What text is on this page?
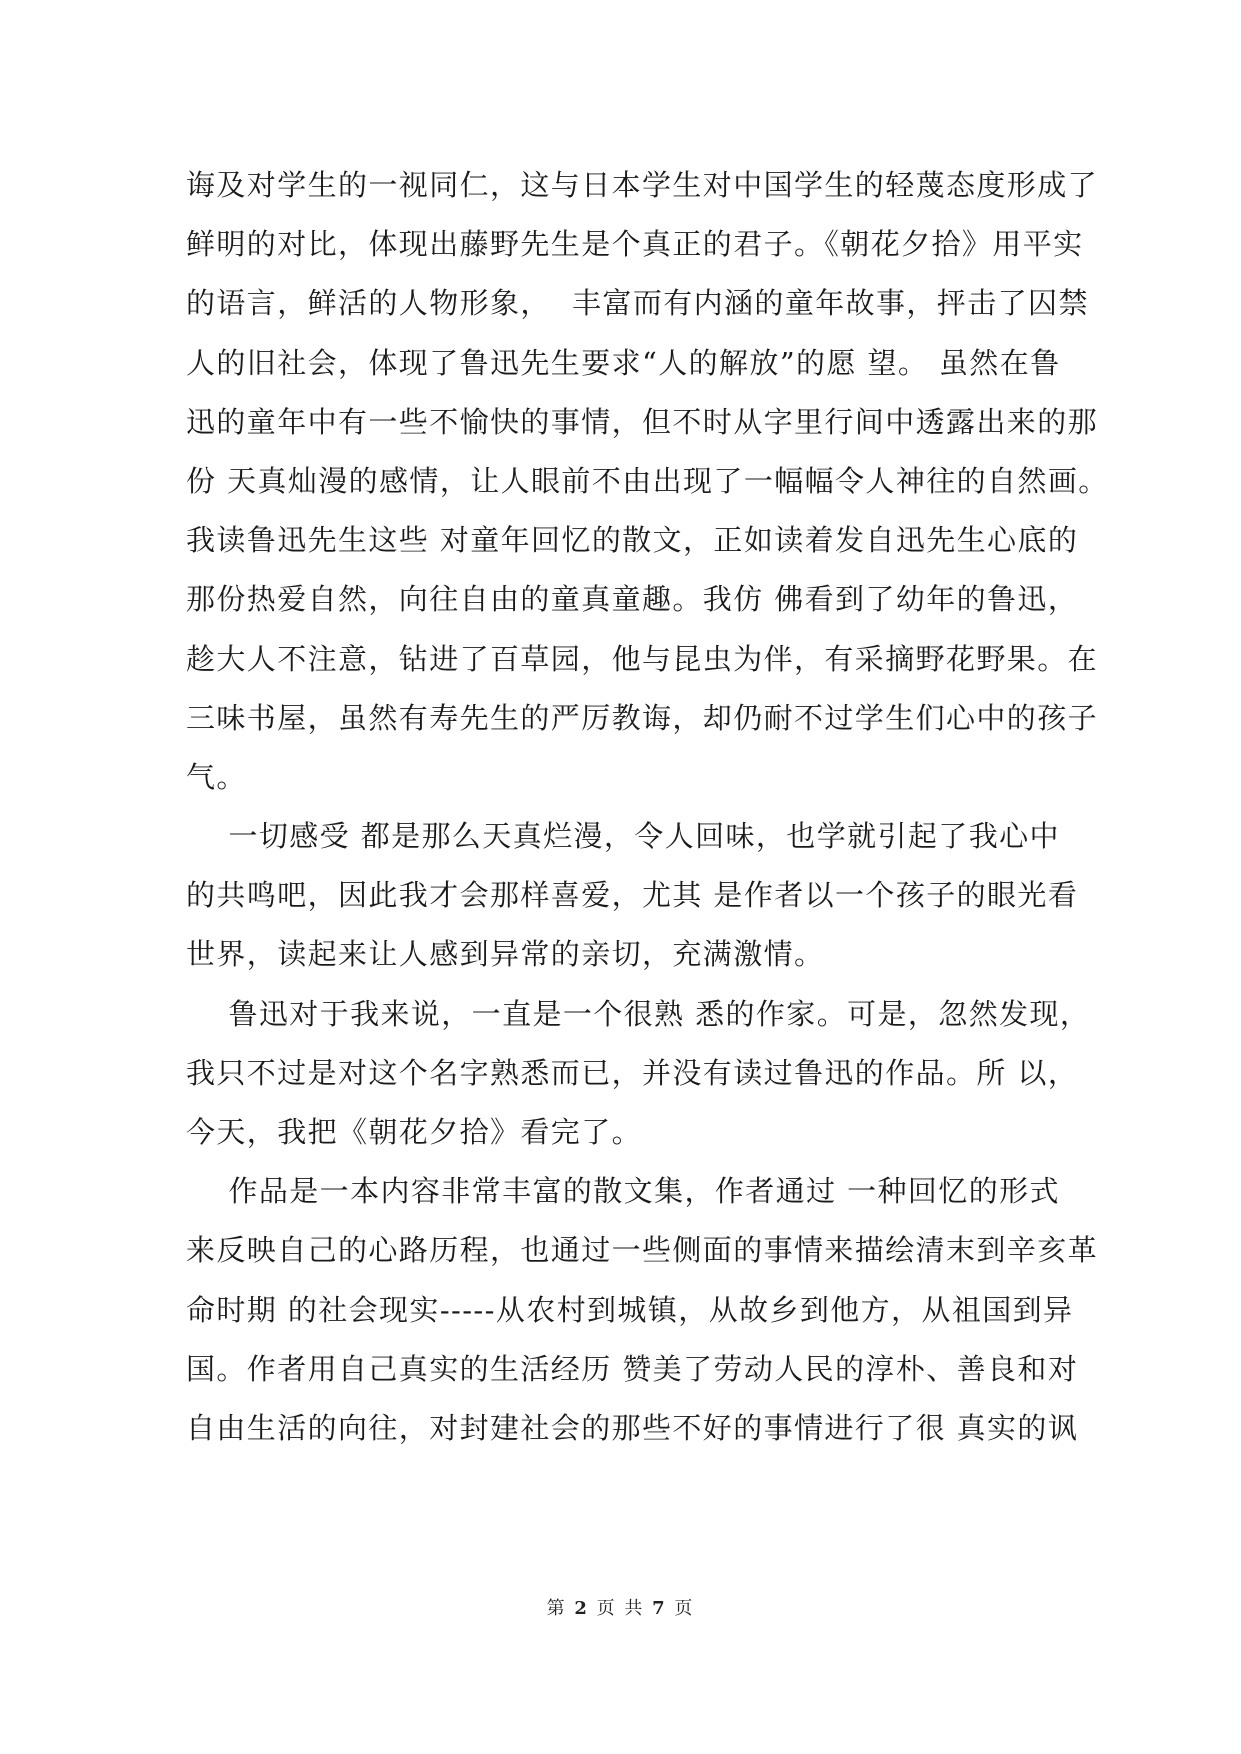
诲及对学生的一视同仁，这与日本学生对中国学生的轻蔑态度形成了
鲜明的对比，体现出藤野先生是个真正的君子。《朝花夕拾》用平实
的语言，鲜活的人物形象，  丰富而有内涵的童年故事，抨击了囚禁
人的旧社会，体现了鲁迅先生要求“人的解放”的愿 望。 虽然在鲁
迅的童年中有一些不愉快的事情，但不时从字里行间中透露出来的那
份 天真灿漫的感情，让人眼前不由出现了一幅幅令人神往的自然画。
我读鲁迅先生这些 对童年回忆的散文，正如读着发自迅先生心底的
那份热爱自然，向往自由的童真童趣。我仿 佛看到了幼年的鲁迅，
趁大人不注意，钻进了百草园，他与昆虫为伴，有采摘野花野果。在
三味书屋，虽然有寿先生的严厉教诲，却仍耐不过学生们心中的孩子
气。
一切感受 都是那么天真烂漫，令人回味，也学就引起了我心中
的共鸣吧，因此我才会那样喜爱，尤其 是作者以一个孩子的眼光看
世界，读起来让人感到异常的亲切，充满激情。
鲁迅对于我来说，一直是一个很熟 悉的作家。可是，忽然发现，
我只不过是对这个名字熟悉而已，并没有读过鲁迅的作品。所 以，
今天，我把《朝花夕拾》看完了。
作品是一本内容非常丰富的散文集，作者通过 一种回忆的形式
来反映自己的心路历程，也通过一些侧面的事情来描绘清末到辛亥革
命时期 的社会现实-----从农村到城镇，从故乡到他方，从祖国到异
国。作者用自己真实的生活经历 赞美了劳动人民的淳朴、善良和对
自由生活的向往，对封建社会的那些不好的事情进行了很 真实的讽
第 2 页 共 7 页
